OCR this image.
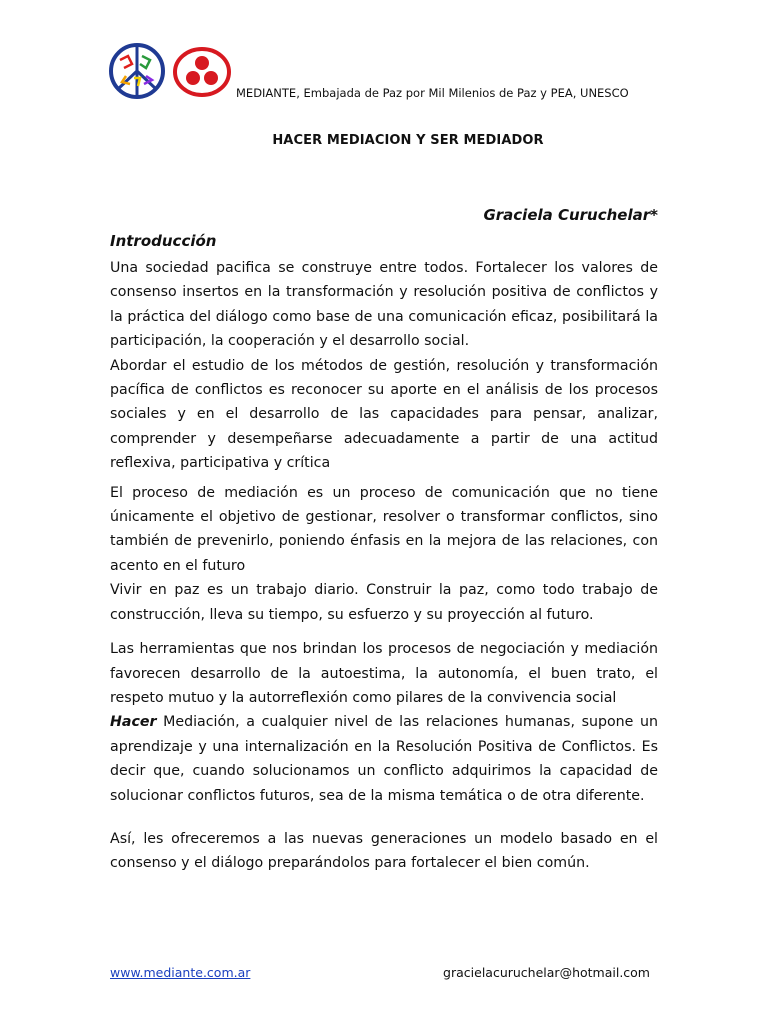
MEDIANTE, Embajada de Paz por Mil Milenios de Paz y PEA, UNESCO
HACER MEDIACION Y SER MEDIADOR
Graciela Curuchelar*
Introducción

Una sociedad pacifica se construye entre todos. Fortalecer los valores de consenso insertos en la transformación y resolución positiva de conflictos y la práctica del diálogo como base de una comunicación eficaz, posibilitará la participación, la cooperación y el desarrollo social.

Abordar el estudio de los métodos de gestión, resolución y transformación pacífica de conflictos es reconocer su aporte en el análisis de los procesos sociales y en el desarrollo de las capacidades para pensar, analizar, comprender y desempeñarse adecuadamente a partir de una actitud reflexiva, participativa y crítica

El proceso de mediación es un proceso de comunicación que no tiene únicamente el objetivo de gestionar, resolver o transformar conflictos, sino también de prevenirlo, poniendo énfasis en la mejora de las relaciones, con acento en el futuro

Vivir en paz es un trabajo diario. Construir la paz, como todo trabajo de construcción, lleva su tiempo, su esfuerzo y su proyección al futuro.

Las herramientas que nos brindan los procesos de negociación y mediación favorecen desarrollo de la autoestima, la autonomía, el buen trato, el respeto mutuo y la autorreflexión como pilares de la convivencia social

Hacer Mediación, a cualquier nivel de las relaciones humanas, supone un aprendizaje y una internalización en la Resolución Positiva de Conflictos. Es decir que, cuando solucionamos un conflicto adquirimos la capacidad de solucionar conflictos futuros, sea de la misma temática o de otra diferente.

Así, les ofreceremos a las nuevas generaciones un modelo basado en el consenso y el diálogo preparándolos para fortalecer el bien común.

www.mediante.com.ar	gracielacuruchelar@hotmail.com
